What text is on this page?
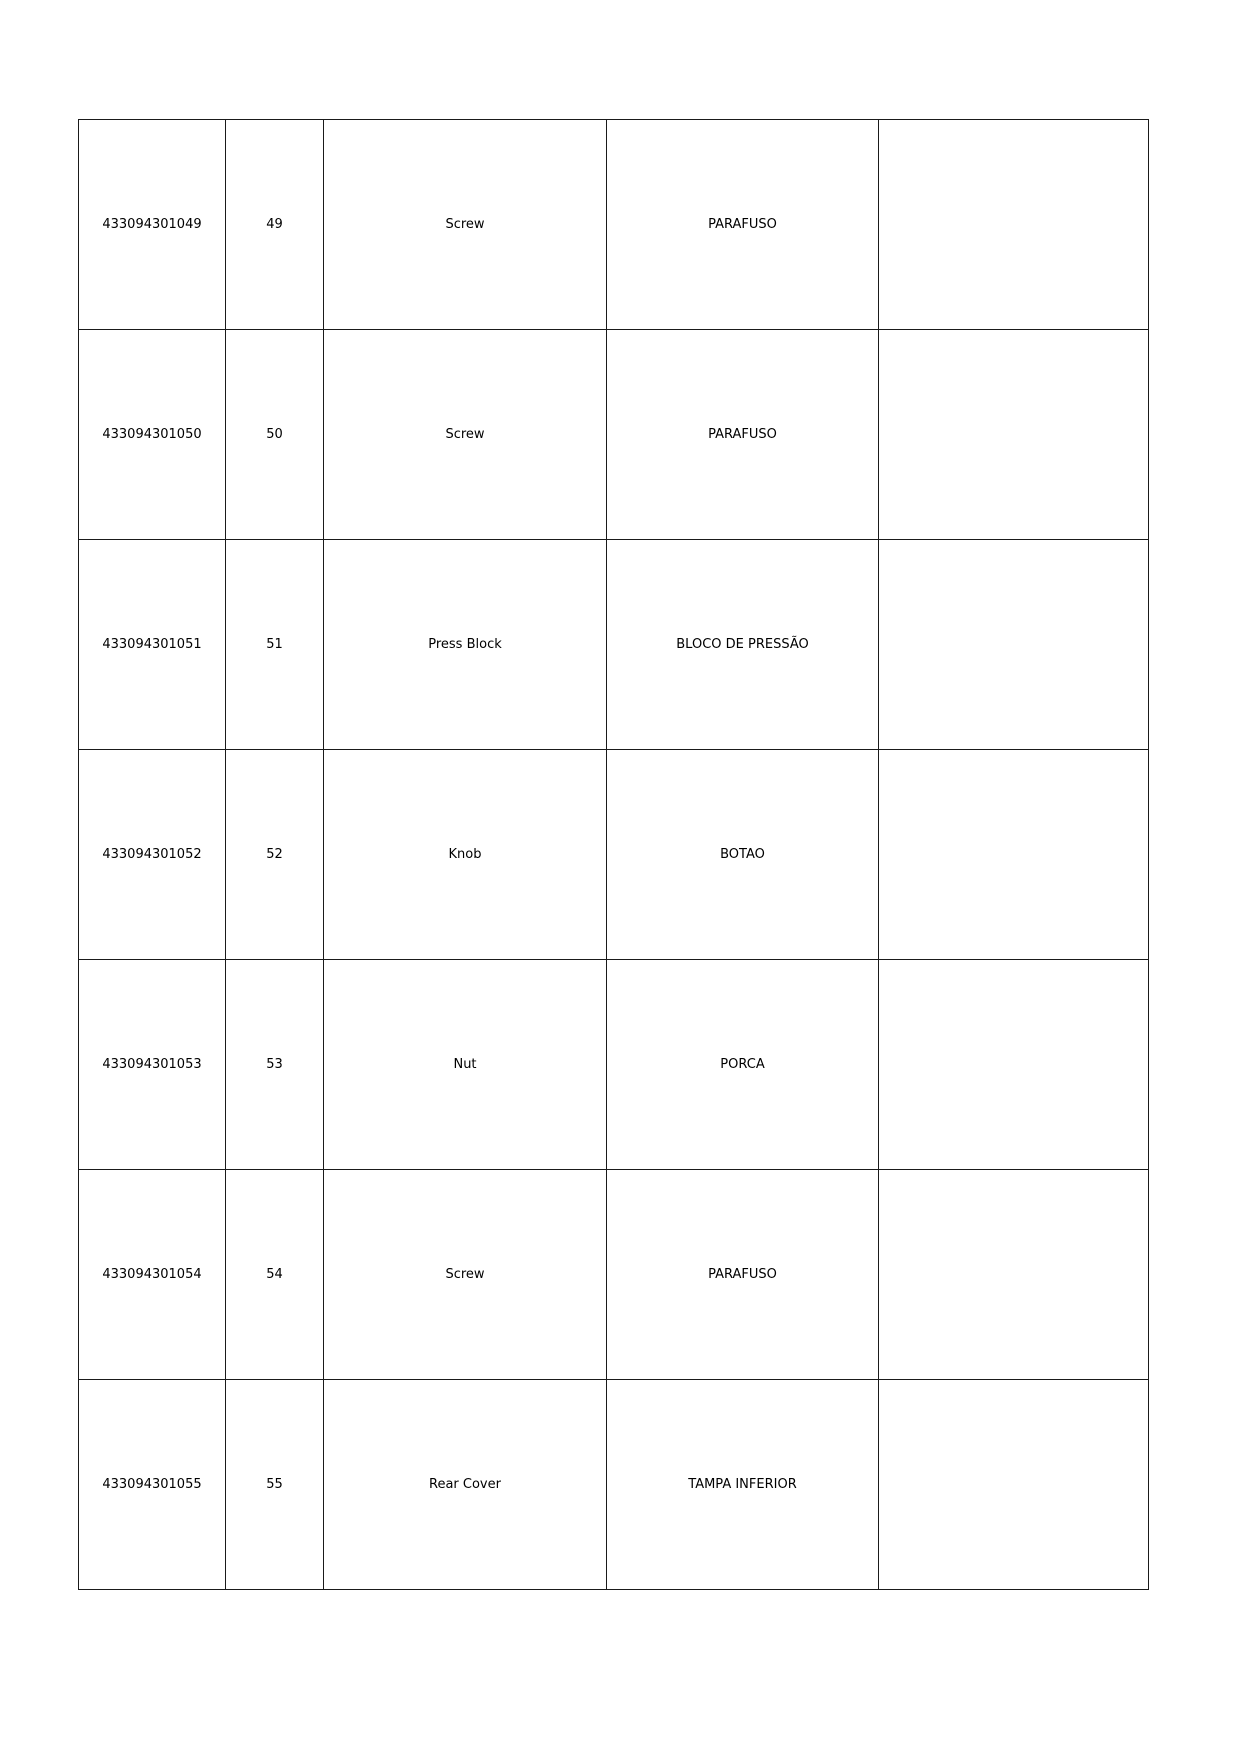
433094301049	49	Screw	PARAFUSO	
433094301050	50	Screw	PARAFUSO	
433094301051	51	Press Block	BLOCO DE PRESSÃO	
433094301052	52	Knob	BOTAO	
433094301053	53	Nut	PORCA	
433094301054	54	Screw	PARAFUSO	
433094301055	55	Rear Cover	TAMPA INFERIOR	
